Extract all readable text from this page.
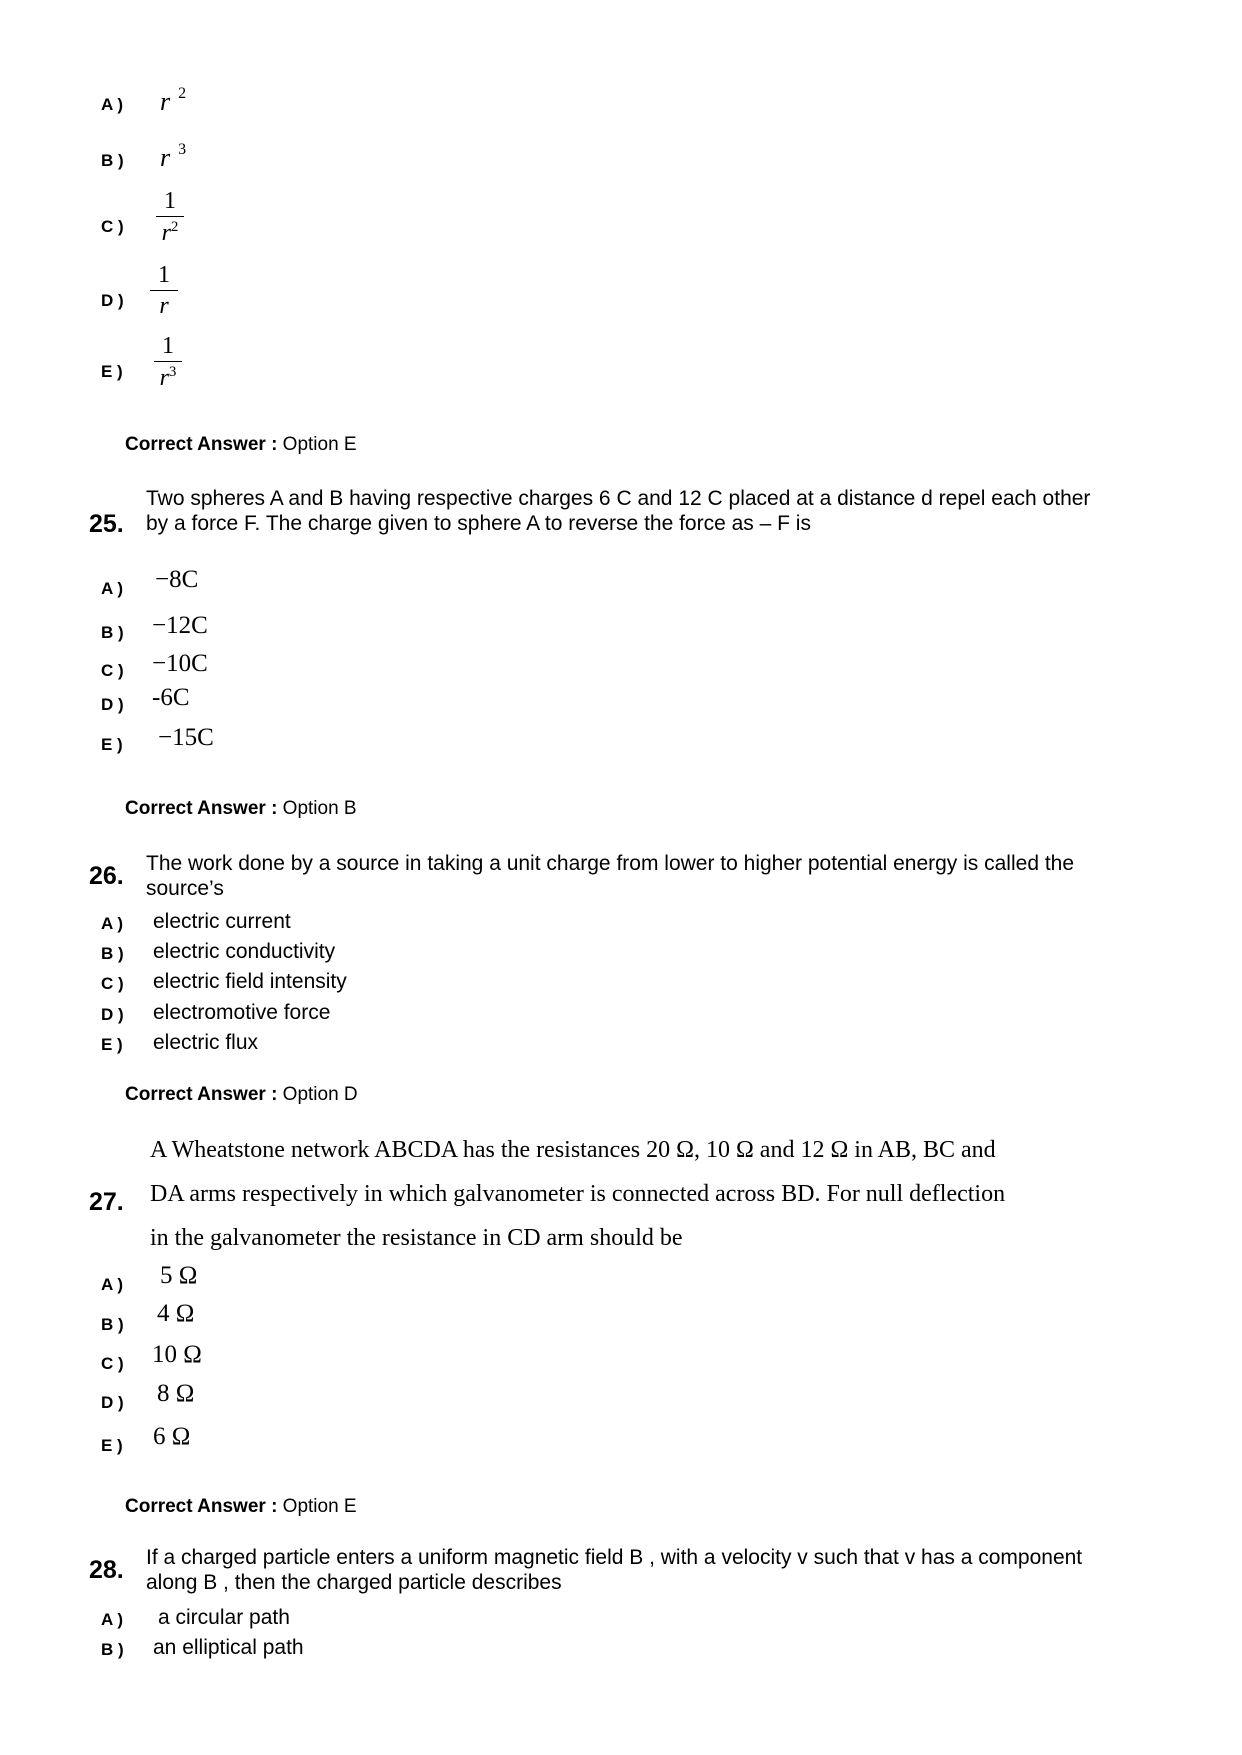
A ) r $^2$
B ) r $^3$
C )
1
$r^2$
D )
1
r
E )
1
$r^3$
Correct Answer : Option E
25.
Two spheres A and B having respective charges 6 C and 12 C placed at a distance d repel each other
by a force F. The charge given to sphere A to reverse the force as – F is
A ) −8C
B ) −12C
C ) −10C
D ) -6C
E ) −15C
Correct Answer : Option B
26. The work done by a source in taking a unit charge from lower to higher potential energy is called the
source’s
A ) electric current
B ) electric conductivity
C ) electric field intensity
D ) electromotive force
E ) electric flux
Correct Answer : Option D
27.
A Wheatstone network ABCDA has the resistances 20 Ω, 10 Ω and 12 Ω in AB, BC and
DA arms respectively in which galvanometer is connected across BD. For null deflection
in the galvanometer the resistance in CD arm should be
A ) 5 Ω
B ) 4 Ω
C ) 10 Ω
D ) 8 Ω
E ) 6 Ω
Correct Answer : Option E
28. If a charged particle enters a uniform magnetic field B , with a velocity v such that v has a component
along B , then the charged particle describes
A ) a circular path
B ) an elliptical path
